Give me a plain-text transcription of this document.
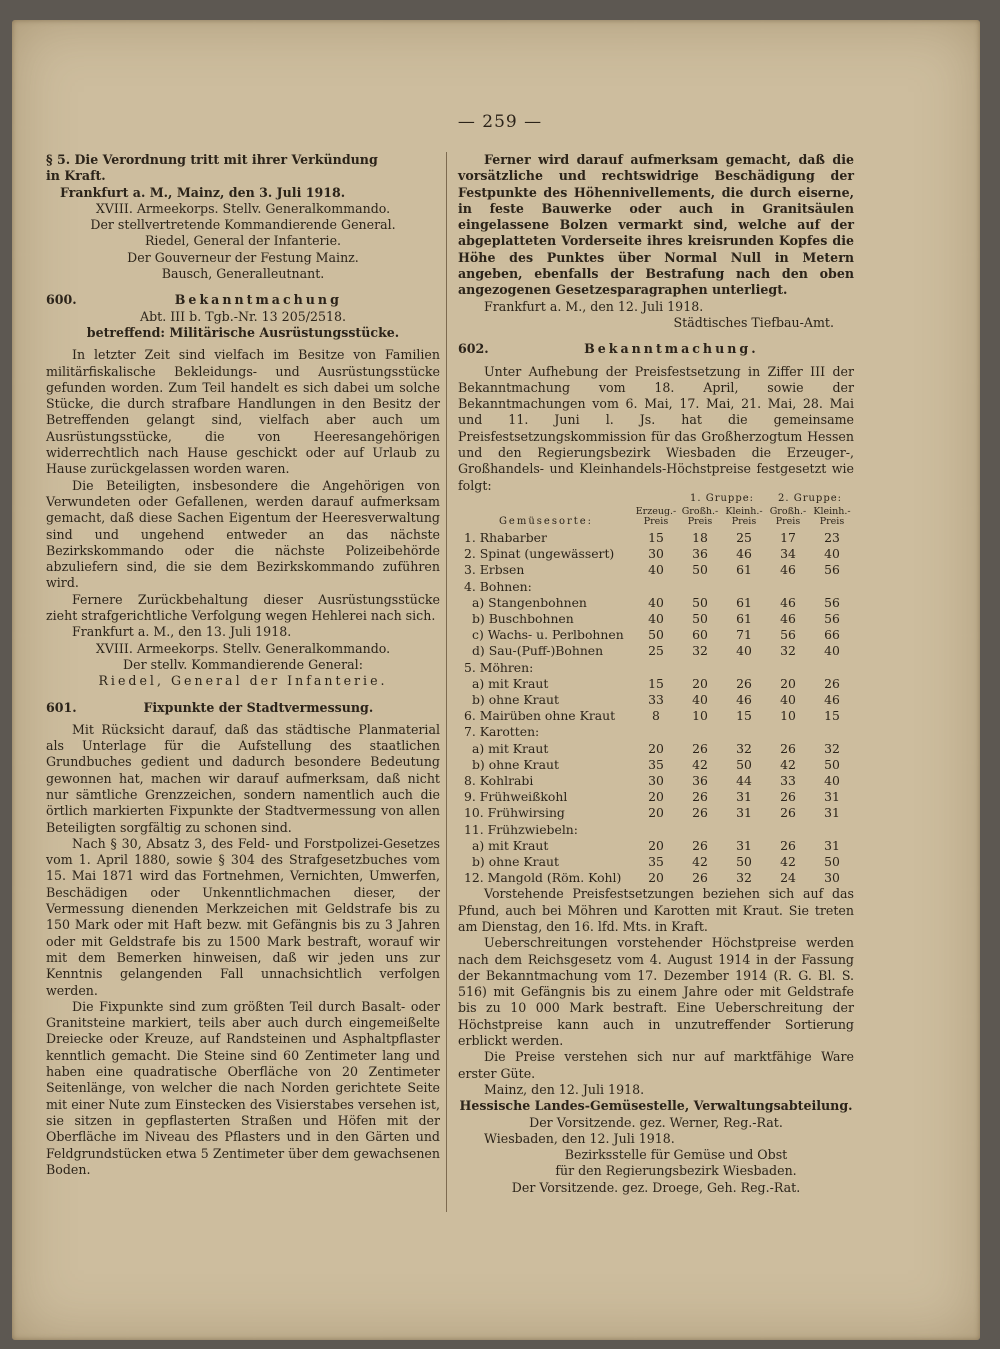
— 259 —

§ 5. Die Verordnung tritt mit ihrer Verkündung

in Kraft.

Frankfurt a. M., Mainz, den 3. Juli 1918.

XVIII. Armeekorps. Stellv. Generalkommando.

Der stellvertretende Kommandierende General.

Riedel, General der Infanterie.

Der Gouverneur der Festung Mainz.

Bausch, Generalleutnant.

600.	Bekanntmachung

Abt. III b. Tgb.-Nr. 13 205/2518.

betreffend: Militärische Ausrüstungsstücke.

In letzter Zeit sind vielfach im Besitze von Familien militärfiskalische Bekleidungs- und Ausrüstungsstücke gefunden worden. Zum Teil handelt es sich dabei um solche Stücke, die durch strafbare Handlungen in den Besitz der Betreffenden gelangt sind, vielfach aber auch um Ausrüstungsstücke, die von Heeresangehörigen widerrechtlich nach Hause geschickt oder auf Urlaub zu Hause zurückgelassen worden waren.

Die Beteiligten, insbesondere die Angehörigen von Verwundeten oder Gefallenen, werden darauf aufmerksam gemacht, daß diese Sachen Eigentum der Heeresverwaltung sind und ungehend entweder an das nächste Bezirkskommando oder die nächste Polizeibehörde abzuliefern sind, die sie dem Bezirkskommando zuführen wird.

Fernere Zurückbehaltung dieser Ausrüstungsstücke zieht strafgerichtliche Verfolgung wegen Hehlerei nach sich.

Frankfurt a. M., den 13. Juli 1918.

XVIII. Armeekorps. Stellv. Generalkommando.

Der stellv. Kommandierende General:

Riedel, General der Infanterie.

601.	Fixpunkte der Stadtvermessung.

Mit Rücksicht darauf, daß das städtische Planmaterial als Unterlage für die Aufstellung des staatlichen Grundbuches gedient und dadurch besondere Bedeutung gewonnen hat, machen wir darauf aufmerksam, daß nicht nur sämtliche Grenzzeichen, sondern namentlich auch die örtlich markierten Fixpunkte der Stadtvermessung von allen Beteiligten sorgfältig zu schonen sind.

Nach § 30, Absatz 3, des Feld- und Forstpolizei-Gesetzes vom 1. April 1880, sowie § 304 des Strafgesetzbuches vom 15. Mai 1871 wird das Fortnehmen, Vernichten, Umwerfen, Beschädigen oder Unkenntlichmachen dieser, der Vermessung dienenden Merkzeichen mit Geldstrafe bis zu 150 Mark oder mit Haft bezw. mit Gefängnis bis zu 3 Jahren oder mit Geldstrafe bis zu 1500 Mark bestraft, worauf wir mit dem Bemerken hinweisen, daß wir jeden uns zur Kenntnis gelangenden Fall unnachsichtlich verfolgen werden.

Die Fixpunkte sind zum größten Teil durch Basalt- oder Granitsteine markiert, teils aber auch durch eingemeißelte Dreiecke oder Kreuze, auf Randsteinen und Asphaltpflaster kenntlich gemacht. Die Steine sind 60 Zentimeter lang und haben eine quadratische Oberfläche von 20 Zentimeter Seitenlänge, von welcher die nach Norden gerichtete Seite mit einer Nute zum Einstecken des Visierstabes versehen ist, sie sitzen in gepflasterten Straßen und Höfen mit der Oberfläche im Niveau des Pflasters und in den Gärten und Feldgrundstücken etwa 5 Zentimeter über dem gewachsenen Boden.

Ferner wird darauf aufmerksam gemacht, daß die vorsätzliche und rechtswidrige Beschädigung der Festpunkte des Höhennivellements, die durch eiserne, in feste Bauwerke oder auch in Granitsäulen eingelassene Bolzen vermarkt sind, welche auf der abgeplatteten Vorderseite ihres kreisrunden Kopfes die Höhe des Punktes über Normal Null in Metern angeben, ebenfalls der Bestrafung nach den oben angezogenen Gesetzesparagraphen unterliegt.

Frankfurt a. M., den 12. Juli 1918.

Städtisches Tiefbau-Amt.

602.	Bekanntmachung.

Unter Aufhebung der Preisfestsetzung in Ziffer III der Bekanntmachung vom 18. April, sowie der Bekanntmachungen vom 6. Mai, 17. Mai, 21. Mai, 28. Mai und 11. Juni l. Js. hat die gemeinsame Preisfestsetzungskommission für das Großherzogtum Hessen und den Regierungsbezirk Wiesbaden die Erzeuger-, Großhandels- und Kleinhandels-Höchstpreise festgesetzt wie folgt:

Gemüsesorte:	Erzeug.- Preis	1. Gruppe:		2. Gruppe:	
		Großh.- Preis	Kleinh.- Preis	Großh.- Preis	Kleinh.- Preis
1. Rhabarber	15	18	25	17	23
2. Spinat (ungewässert)	30	36	46	34	40
3. Erbsen	40	50	61	46	56
4. Bohnen:					
a) Stangenbohnen	40	50	61	46	56
b) Buschbohnen	40	50	61	46	56
c) Wachs- u. Perlbohnen	50	60	71	56	66
d) Sau-(Puff-)Bohnen	25	32	40	32	40
5. Möhren:					
a) mit Kraut	15	20	26	20	26
b) ohne Kraut	33	40	46	40	46
6. Mairüben ohne Kraut	8	10	15	10	15
7. Karotten:					
a) mit Kraut	20	26	32	26	32
b) ohne Kraut	35	42	50	42	50
8. Kohlrabi	30	36	44	33	40
9. Frühweißkohl	20	26	31	26	31
10. Frühwirsing	20	26	31	26	31
11. Frühzwiebeln:					
a) mit Kraut	20	26	31	26	31
b) ohne Kraut	35	42	50	42	50
12. Mangold (Röm. Kohl)	20	26	32	24	30

Vorstehende Preisfestsetzungen beziehen sich auf das Pfund, auch bei Möhren und Karotten mit Kraut. Sie treten am Dienstag, den 16. lfd. Mts. in Kraft.

Ueberschreitungen vorstehender Höchstpreise werden nach dem Reichsgesetz vom 4. August 1914 in der Fassung der Bekanntmachung vom 17. Dezember 1914 (R. G. Bl. S. 516) mit Gefängnis bis zu einem Jahre oder mit Geldstrafe bis zu 10 000 Mark bestraft. Eine Ueberschreitung der Höchstpreise kann auch in unzutreffender Sortierung erblickt werden.

Die Preise verstehen sich nur auf marktfähige Ware erster Güte.

Mainz, den 12. Juli 1918.

Hessische Landes-Gemüsestelle, Verwaltungsabteilung.

Der Vorsitzende. gez. Werner, Reg.-Rat.

Wiesbaden, den 12. Juli 1918.

Bezirksstelle für Gemüse und Obst

für den Regierungsbezirk Wiesbaden.

Der Vorsitzende. gez. Droege, Geh. Reg.-Rat.
